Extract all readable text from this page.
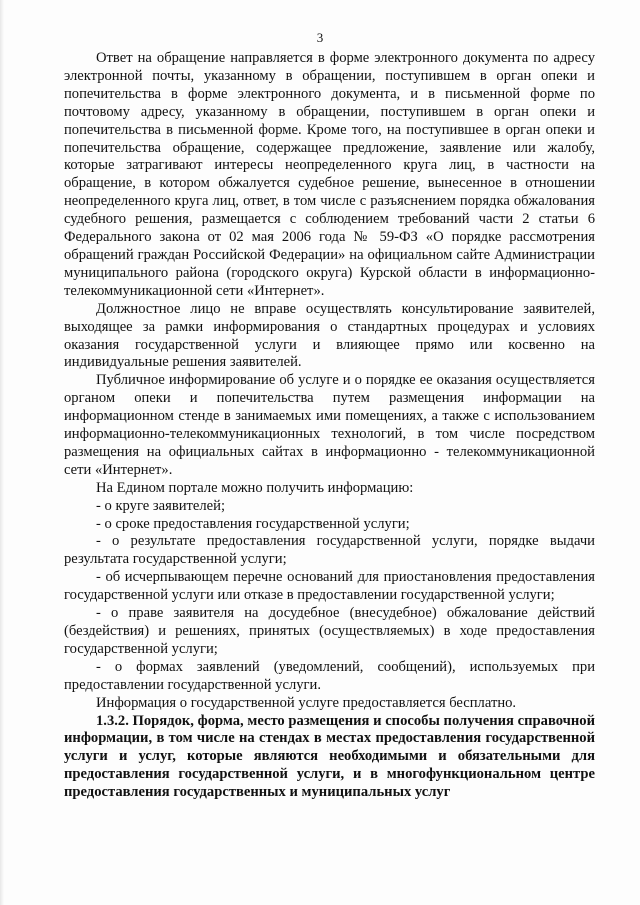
3

Ответ на обращение направляется в форме электронного документа по адресу электронной почты, указанному в обращении, поступившем в орган опеки и попечительства в форме электронного документа, и в письменной форме по почтовому адресу, указанному в обращении, поступившем в орган опеки и попечительства в письменной форме. Кроме того, на поступившее в орган опеки и попечительства обращение, содержащее предложение, заявление или жалобу, которые затрагивают интересы неопределенного круга лиц, в частности на обращение, в котором обжалуется судебное решение, вынесенное в отношении неопределенного круга лиц, ответ, в том числе с разъяснением порядка обжалования судебного решения, размещается с соблюдением требований части 2 статьи 6 Федерального закона от 02 мая 2006 года № 59-ФЗ «О порядке рассмотрения обращений граждан Российской Федерации» на официальном сайте Администрации муниципального района (городского округа) Курской области в информационно-телекоммуникационной сети «Интернет».

Должностное лицо не вправе осуществлять консультирование заявителей, выходящее за рамки информирования о стандартных процедурах и условиях оказания государственной услуги и влияющее прямо или косвенно на индивидуальные решения заявителей.

Публичное информирование об услуге и о порядке ее оказания осуществляется органом опеки и попечительства путем размещения информации на информационном стенде в занимаемых ими помещениях, а также с использованием информационно-телекоммуникационных технологий, в том числе посредством размещения на официальных сайтах в информационно - телекоммуникационной сети «Интернет».

На Едином портале можно получить информацию:

- о круге заявителей;

- о сроке предоставления государственной услуги;

- о результате предоставления государственной услуги, порядке выдачи результата государственной услуги;

- об исчерпывающем перечне оснований для приостановления предоставления государственной услуги или отказе в предоставлении государственной услуги;

- о праве заявителя на досудебное (внесудебное) обжалование действий (бездействия) и решениях, принятых (осуществляемых) в ходе предоставления государственной услуги;

- о формах заявлений (уведомлений, сообщений), используемых при предоставлении государственной услуги.

Информация о государственной услуге предоставляется бесплатно.

1.3.2. Порядок, форма, место размещения и способы получения справочной информации, в том числе на стендах в местах предоставления государственной услуги и услуг, которые являются необходимыми и обязательными для предоставления государственной услуги, и в многофункциональном центре предоставления государственных и муниципальных услуг
